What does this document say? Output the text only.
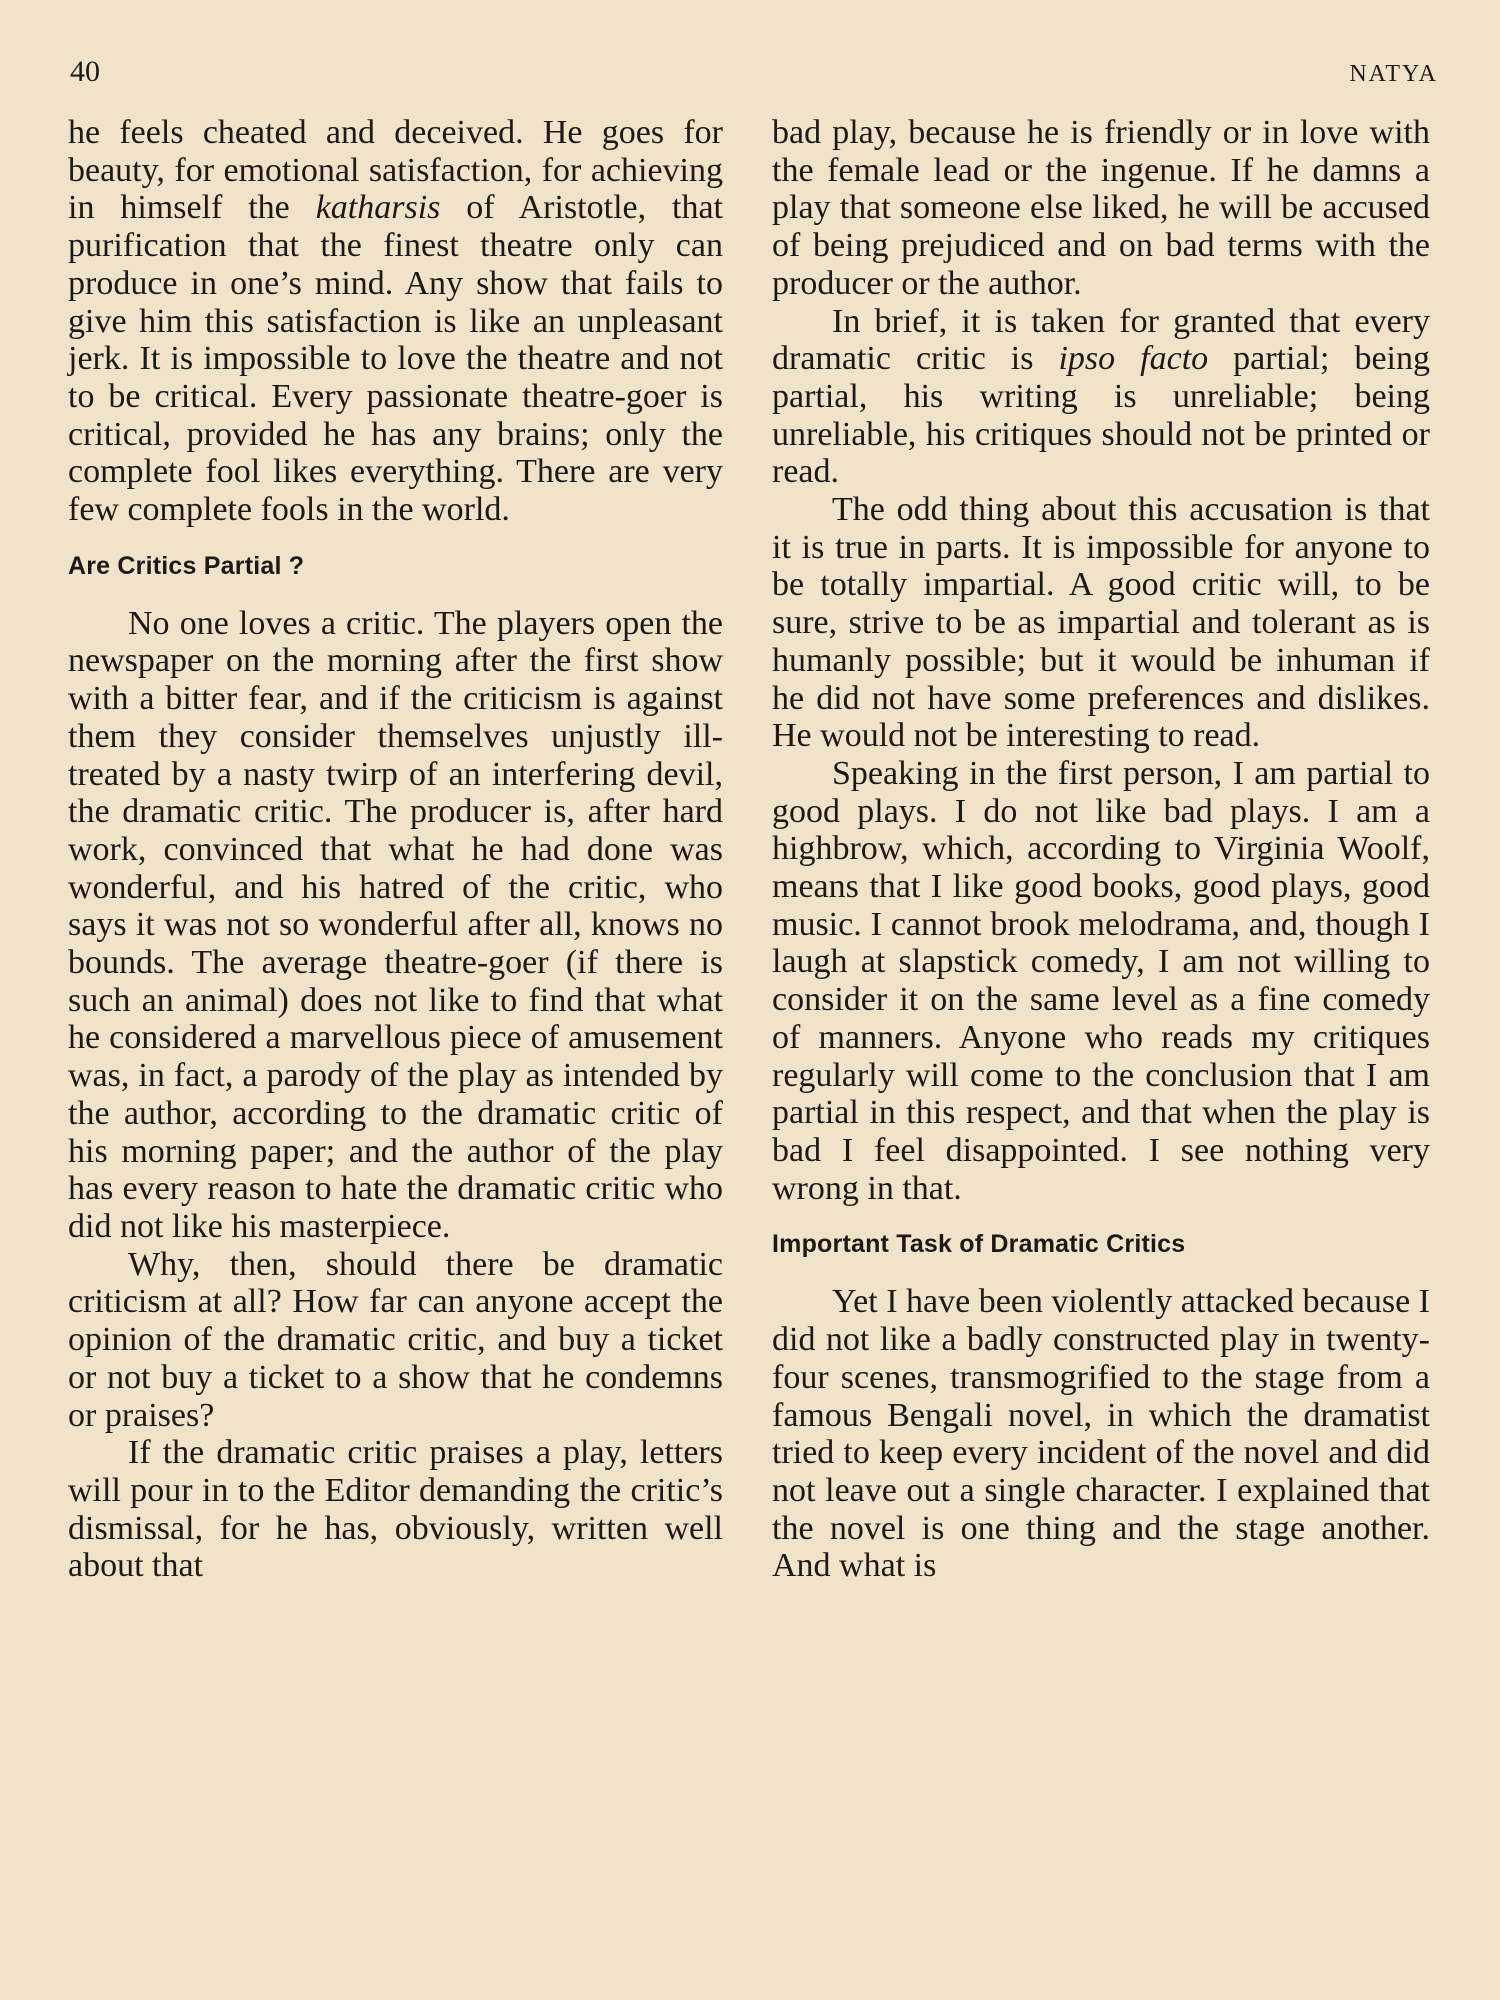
40	NATYA

he feels cheated and deceived. He goes for beauty, for emotional satisfaction, for achieving in himself the katharsis of Aristotle, that purification that the finest theatre only can produce in one’s mind. Any show that fails to give him this satisfaction is like an unpleasant jerk. It is impossible to love the theatre and not to be critical. Every passionate theatre-goer is critical, provided he has any brains; only the complete fool likes everything. There are very few complete fools in the world.

Are Critics Partial ?

No one loves a critic. The players open the newspaper on the morning after the first show with a bitter fear, and if the criticism is against them they consider themselves unjustly ill-treated by a nasty twirp of an interfering devil, the dramatic critic. The producer is, after hard work, convinced that what he had done was wonderful, and his hatred of the critic, who says it was not so wonderful after all, knows no bounds. The average theatre-goer (if there is such an animal) does not like to find that what he considered a marvellous piece of amusement was, in fact, a parody of the play as intended by the author, according to the dramatic critic of his morning paper; and the author of the play has every reason to hate the dramatic critic who did not like his masterpiece.

Why, then, should there be dramatic criticism at all? How far can anyone accept the opinion of the dramatic critic, and buy a ticket or not buy a ticket to a show that he condemns or praises?

If the dramatic critic praises a play, letters will pour in to the Editor demanding the critic’s dismissal, for he has, obviously, written well about that

bad play, because he is friendly or in love with the female lead or the ingenue. If he damns a play that someone else liked, he will be accused of being prejudiced and on bad terms with the producer or the author.

In brief, it is taken for granted that every dramatic critic is ipso facto partial; being partial, his writing is unreliable; being unreliable, his critiques should not be printed or read.

The odd thing about this accusation is that it is true in parts. It is impossible for anyone to be totally impartial. A good critic will, to be sure, strive to be as impartial and tolerant as is humanly possible; but it would be inhuman if he did not have some preferences and dislikes. He would not be interesting to read.

Speaking in the first person, I am partial to good plays. I do not like bad plays. I am a highbrow, which, according to Virginia Woolf, means that I like good books, good plays, good music. I cannot brook melodrama, and, though I laugh at slapstick comedy, I am not willing to consider it on the same level as a fine comedy of manners. Anyone who reads my critiques regularly will come to the conclusion that I am partial in this respect, and that when the play is bad I feel disappointed. I see nothing very wrong in that.

Important Task of Dramatic Critics

Yet I have been violently attacked because I did not like a badly constructed play in twenty-four scenes, transmogrified to the stage from a famous Bengali novel, in which the dramatist tried to keep every incident of the novel and did not leave out a single character. I explained that the novel is one thing and the stage another. And what is
